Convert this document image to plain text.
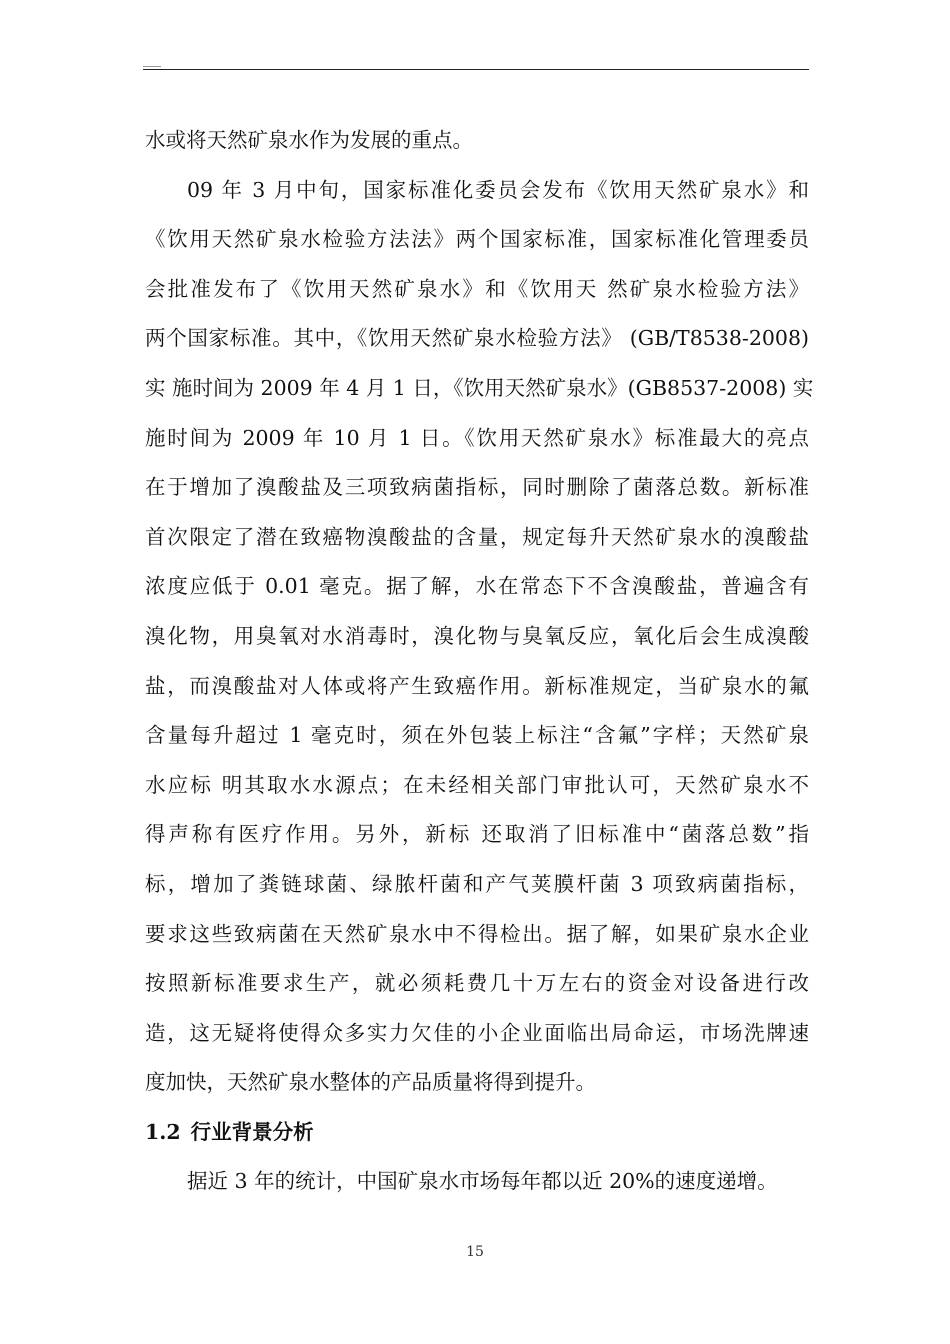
水或将天然矿泉水作为发展的重点。
09 年 3 月中旬，国家标准化委员会发布《饮用天然矿泉水》和
《饮用天然矿泉水检验方法法》两个国家标准，国家标准化管理委员
会批准发布了《饮用天然矿泉水》和《饮用天 然矿泉水检验方法》
两个国家标准。其中，《饮用天然矿泉水检验方法》 (GB/T8538-2008)
实 施时间为 2009 年 4 月 1 日，《饮用天然矿泉水》(GB8537-2008) 实
施时间为 2009 年 10 月 1 日。《饮用天然矿泉水》标准最大的亮点
在于增加了溴酸盐及三项致病菌指标，同时删除了菌落总数。新标准
首次限定了潜在致癌物溴酸盐的含量，规定每升天然矿泉水的溴酸盐
浓度应低于 0.01 毫克。据了解，水在常态下不含溴酸盐，普遍含有
溴化物，用臭氧对水消毒时，溴化物与臭氧反应，氧化后会生成溴酸
盐，而溴酸盐对人体或将产生致癌作用。新标准规定，当矿泉水的氟
含量每升超过 1 毫克时，须在外包装上标注“含氟”字样；天然矿泉
水应标 明其取水水源点；在未经相关部门审批认可，天然矿泉水不
得声称有医疗作用。另外，新标 还取消了旧标准中“菌落总数”指
标，增加了粪链球菌、绿脓杆菌和产气荚膜杆菌 3 项致病菌指标，
要求这些致病菌在天然矿泉水中不得检出。据了解，如果矿泉水企业
按照新标准要求生产，就必须耗费几十万左右的资金对设备进行改
造，这无疑将使得众多实力欠佳的小企业面临出局命运，市场洗牌速
度加快，天然矿泉水整体的产品质量将得到提升。
1.2 行业背景分析
据近 3 年的统计，中国矿泉水市场每年都以近 20%的速度递增。
15
